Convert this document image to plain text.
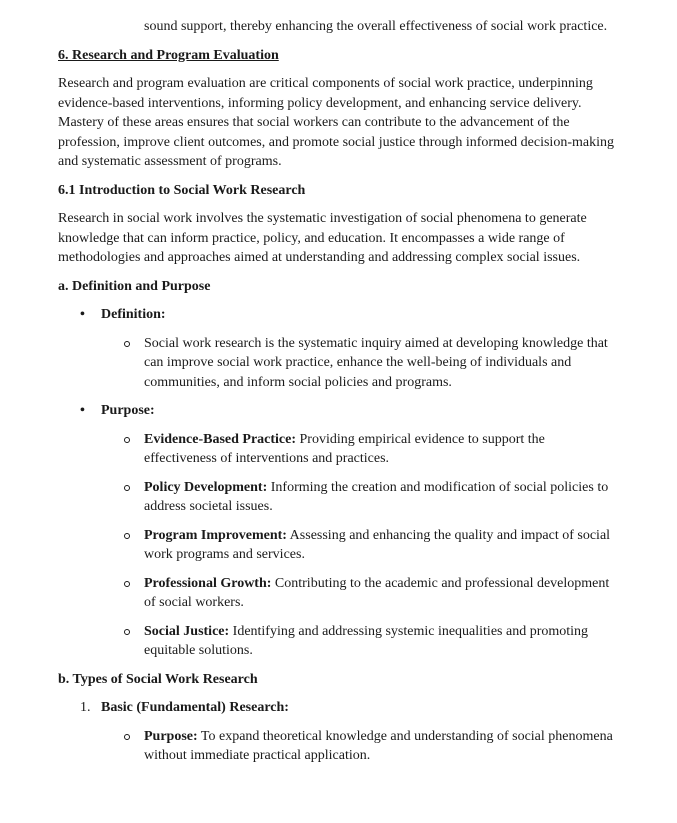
sound support, thereby enhancing the overall effectiveness of social work practice.

6. Research and Program Evaluation

Research and program evaluation are critical components of social work practice, underpinning evidence-based interventions, informing policy development, and enhancing service delivery. Mastery of these areas ensures that social workers can contribute to the advancement of the profession, improve client outcomes, and promote social justice through informed decision-making and systematic assessment of programs.

6.1 Introduction to Social Work Research

Research in social work involves the systematic investigation of social phenomena to generate knowledge that can inform practice, policy, and education. It encompasses a wide range of methodologies and approaches aimed at understanding and addressing complex social issues.

a. Definition and Purpose

• Definition:
Social work research is the systematic inquiry aimed at developing knowledge that can improve social work practice, enhance the well-being of individuals and communities, and inform social policies and programs.
• Purpose:
Evidence-Based Practice: Providing empirical evidence to support the effectiveness of interventions and practices.
Policy Development: Informing the creation and modification of social policies to address societal issues.
Program Improvement: Assessing and enhancing the quality and impact of social work programs and services.
Professional Growth: Contributing to the academic and professional development of social workers.
Social Justice: Identifying and addressing systemic inequalities and promoting equitable solutions.

b. Types of Social Work Research

1. Basic (Fundamental) Research:
Purpose: To expand theoretical knowledge and understanding of social phenomena without immediate practical application.
